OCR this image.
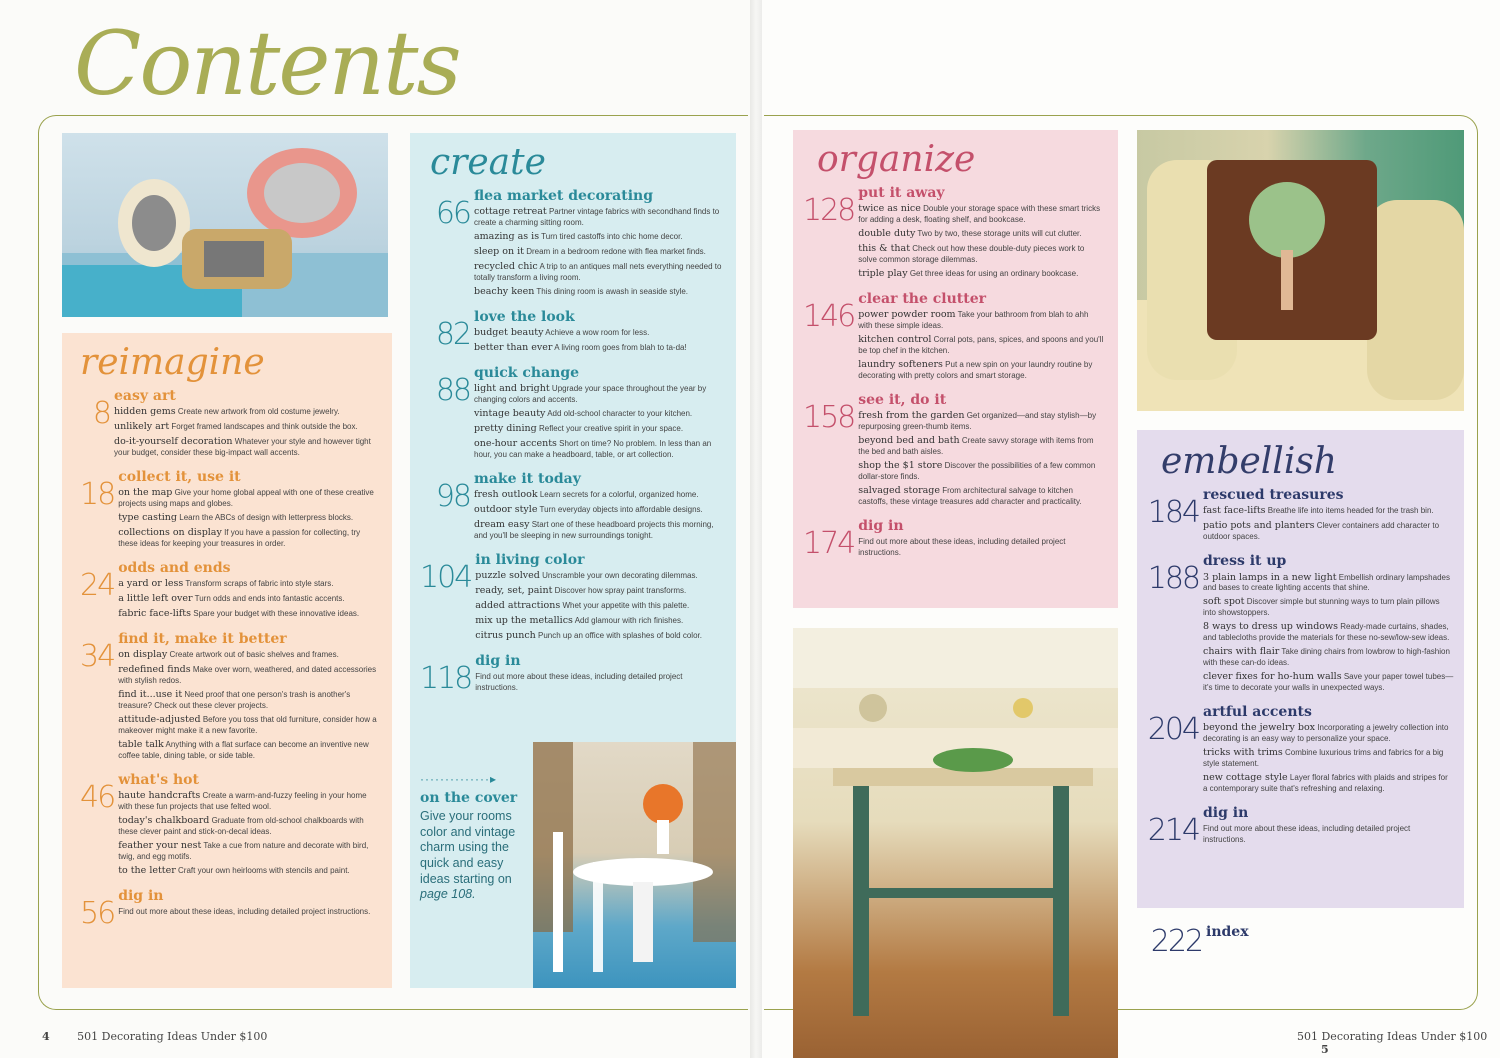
Contents
reimagine
8 easy art
hidden gems Create new artwork from old costume jewelry.
unlikely art Forget framed landscapes and think outside the box.
do-it-yourself decoration Whatever your style and however tight your budget, consider these big-impact wall accents.
18 collect it, use it
on the map Give your home global appeal with one of these creative projects using maps and globes.
type casting Learn the ABCs of design with letterpress blocks.
collections on display If you have a passion for collecting, try these ideas for keeping your treasures in order.
24 odds and ends
a yard or less Transform scraps of fabric into style stars.
a little left over Turn odds and ends into fantastic accents.
fabric face-lifts Spare your budget with these innovative ideas.
34 find it, make it better
on display Create artwork out of basic shelves and frames.
redefined finds Make over worn, weathered, and dated accessories with stylish redos.
find it...use it Need proof that one person's trash is another's treasure? Check out these clever projects.
attitude-adjusted Before you toss that old furniture, consider how a makeover might make it a new favorite.
table talk Anything with a flat surface can become an inventive new coffee table, dining table, or side table.
46 what's hot
haute handcrafts Create a warm-and-fuzzy feeling in your home with these fun projects that use felted wool.
today's chalkboard Graduate from old-school chalkboards with these clever paint and stick-on-decal ideas.
feather your nest Take a cue from nature and decorate with bird, twig, and egg motifs.
to the letter Craft your own heirlooms with stencils and paint.
56 dig in
Find out more about these ideas, including detailed project instructions.
create
66 flea market decorating
cottage retreat Partner vintage fabrics with secondhand finds to create a charming sitting room.
amazing as is Turn tired castoffs into chic home decor.
sleep on it Dream in a bedroom redone with flea market finds.
recycled chic A trip to an antiques mall nets everything needed to totally transform a living room.
beachy keen This dining room is awash in seaside style.
82 love the look
budget beauty Achieve a wow room for less.
better than ever A living room goes from blah to ta-da!
88 quick change
light and bright Upgrade your space throughout the year by changing colors and accents.
vintage beauty Add old-school character to your kitchen.
pretty dining Reflect your creative spirit in your space.
one-hour accents Short on time? No problem. In less than an hour, you can make a headboard, table, or art collection.
98 make it today
fresh outlook Learn secrets for a colorful, organized home.
outdoor style Turn everyday objects into affordable designs.
dream easy Start one of these headboard projects this morning, and you'll be sleeping in new surroundings tonight.
104 in living color
puzzle solved Unscramble your own decorating dilemmas.
ready, set, paint Discover how spray paint transforms.
added attractions Whet your appetite with this palette.
mix up the metallics Add glamour with rich finishes.
citrus punch Punch up an office with splashes of bold color.
118 dig in
Find out more about these ideas, including detailed project instructions.
··············▸
on the cover
Give your rooms color and vintage charm using the quick and easy ideas starting on page 108.
organize
128 put it away
twice as nice Double your storage space with these smart tricks for adding a desk, floating shelf, and bookcase.
double duty Two by two, these storage units will cut clutter.
this & that Check out how these double-duty pieces work to solve common storage dilemmas.
triple play Get three ideas for using an ordinary bookcase.
146 clear the clutter
power powder room Take your bathroom from blah to ahh with these simple ideas.
kitchen control Corral pots, pans, spices, and spoons and you'll be top chef in the kitchen.
laundry softeners Put a new spin on your laundry routine by decorating with pretty colors and smart storage.
158 see it, do it
fresh from the garden Get organized—and stay stylish—by repurposing green-thumb items.
beyond bed and bath Create savvy storage with items from the bed and bath aisles.
shop the $1 store Discover the possibilities of a few common dollar-store finds.
salvaged storage From architectural salvage to kitchen castoffs, these vintage treasures add character and practicality.
174 dig in
Find out more about these ideas, including detailed project instructions.
embellish
184 rescued treasures
fast face-lifts Breathe life into items headed for the trash bin.
patio pots and planters Clever containers add character to outdoor spaces.
188 dress it up
3 plain lamps in a new light Embellish ordinary lampshades and bases to create lighting accents that shine.
soft spot Discover simple but stunning ways to turn plain pillows into showstoppers.
8 ways to dress up windows Ready-made curtains, shades, and tablecloths provide the materials for these no-sew/low-sew ideas.
chairs with flair Take dining chairs from lowbrow to high-fashion with these can-do ideas.
clever fixes for ho-hum walls Save your paper towel tubes—it's time to decorate your walls in unexpected ways.
204 artful accents
beyond the jewelry box Incorporating a jewelry collection into decorating is an easy way to personalize your space.
tricks with trims Combine luxurious trims and fabrics for a big style statement.
new cottage style Layer floral fabrics with plaids and stripes for a contemporary suite that's refreshing and relaxing.
214 dig in
Find out more about these ideas, including detailed project instructions.
222 index
4	501 Decorating Ideas Under $100	501 Decorating Ideas Under $100 5
